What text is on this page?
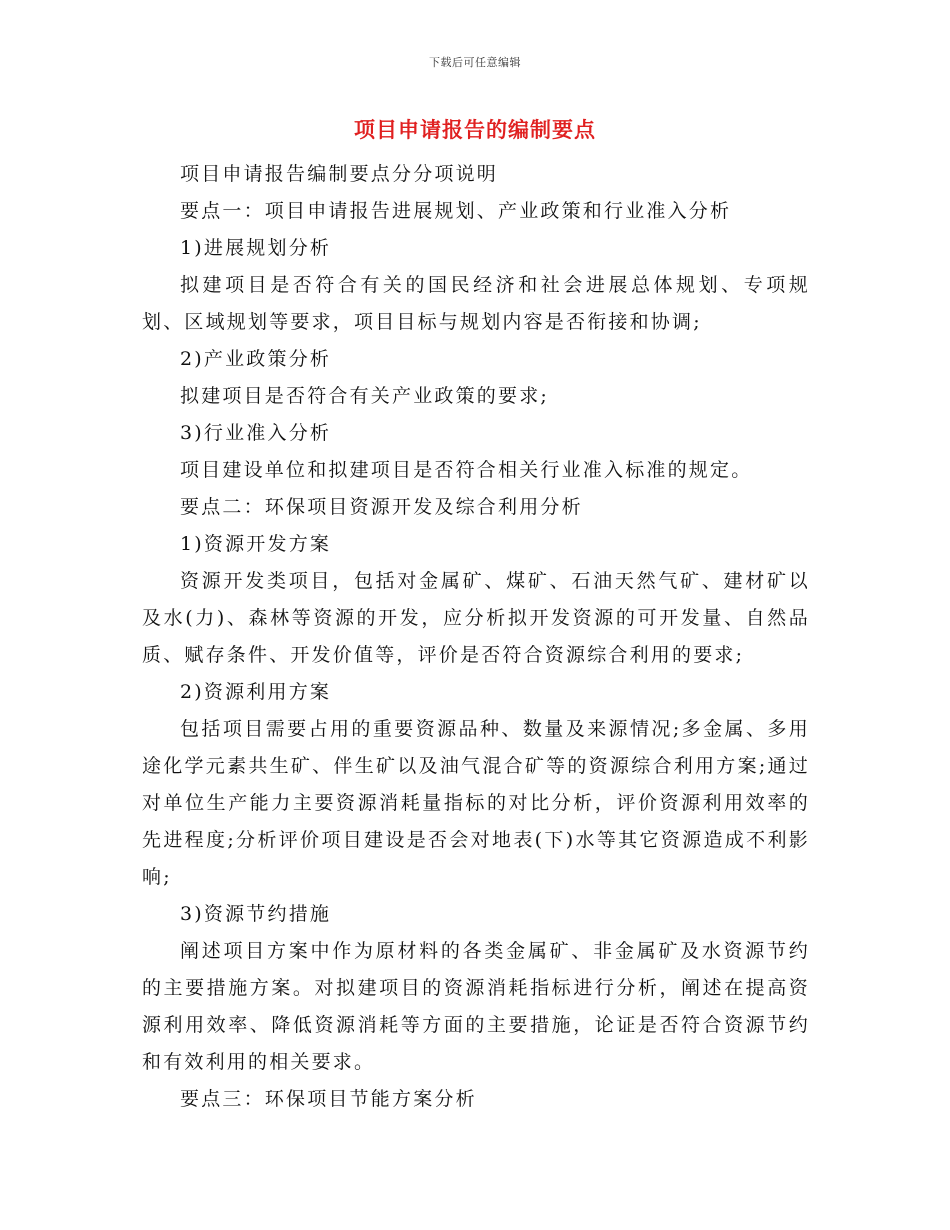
下载后可任意编辑
项目申请报告的编制要点

项目申请报告编制要点分分项说明

要点一：项目申请报告进展规划、产业政策和行业准入分析

1)进展规划分析

拟建项目是否符合有关的国民经济和社会进展总体规划、专项规划、区域规划等要求，项目目标与规划内容是否衔接和协调;

2)产业政策分析

拟建项目是否符合有关产业政策的要求;

3)行业准入分析

项目建设单位和拟建项目是否符合相关行业准入标准的规定。

要点二：环保项目资源开发及综合利用分析

1)资源开发方案

资源开发类项目，包括对金属矿、煤矿、石油天然气矿、建材矿以及水(力)、森林等资源的开发，应分析拟开发资源的可开发量、自然品质、赋存条件、开发价值等，评价是否符合资源综合利用的要求;

2)资源利用方案

包括项目需要占用的重要资源品种、数量及来源情况;多金属、多用途化学元素共生矿、伴生矿以及油气混合矿等的资源综合利用方案;通过对单位生产能力主要资源消耗量指标的对比分析，评价资源利用效率的先进程度;分析评价项目建设是否会对地表(下)水等其它资源造成不利影响;

3)资源节约措施

阐述项目方案中作为原材料的各类金属矿、非金属矿及水资源节约的主要措施方案。对拟建项目的资源消耗指标进行分析，阐述在提高资源利用效率、降低资源消耗等方面的主要措施，论证是否符合资源节约和有效利用的相关要求。

要点三：环保项目节能方案分析
